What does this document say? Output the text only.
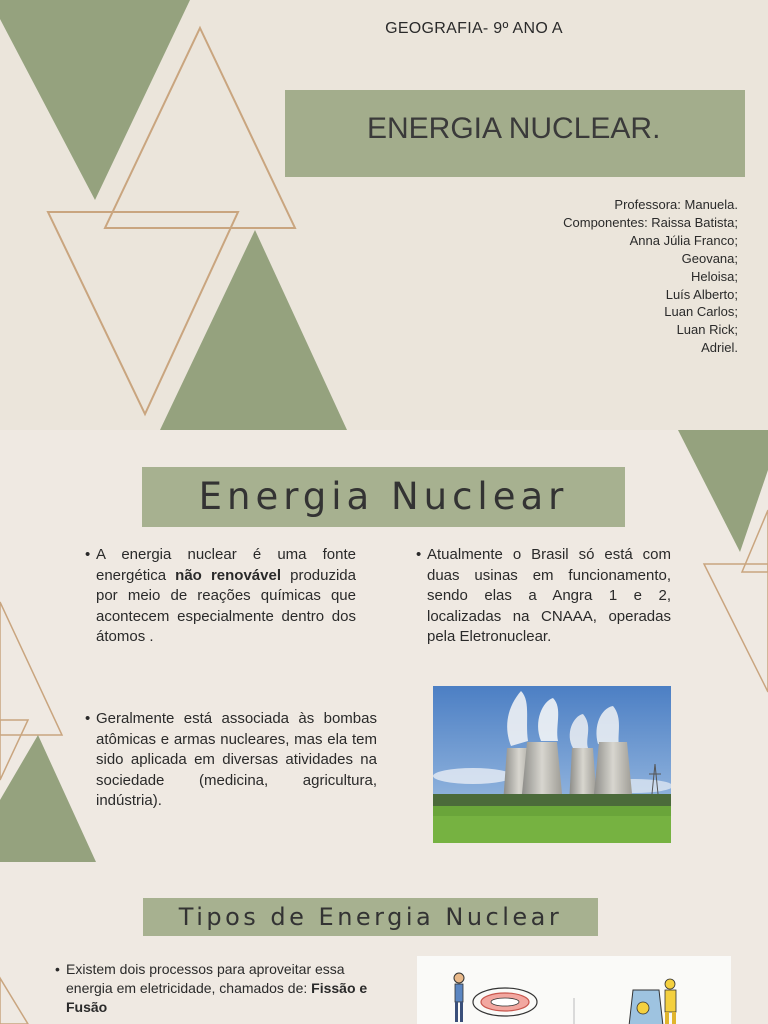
GEOGRAFIA- 9º ANO A
ENERGIA NUCLEAR.
Professora: Manuela.
Componentes: Raissa Batista;
Anna Júlia Franco;
Geovana;
Heloisa;
Luís Alberto;
Luan Carlos;
Luan Rick;
Adriel.
Energia Nuclear
• A energia nuclear é uma fonte energética não renovável produzida por meio de reações químicas que acontecem especialmente dentro dos átomos .
• Atualmente o Brasil só está com duas usinas em funcionamento, sendo elas a Angra 1 e 2, localizadas na CNAAA, operadas pela Eletronuclear.
• Geralmente está associada às bombas atômicas e armas nucleares, mas ela tem sido aplicada em diversas atividades na sociedade (medicina, agricultura, indústria).
Tipos de Energia Nuclear
• Existem dois processos para aproveitar essa energia em eletricidade, chamados de: Fissão e Fusão
